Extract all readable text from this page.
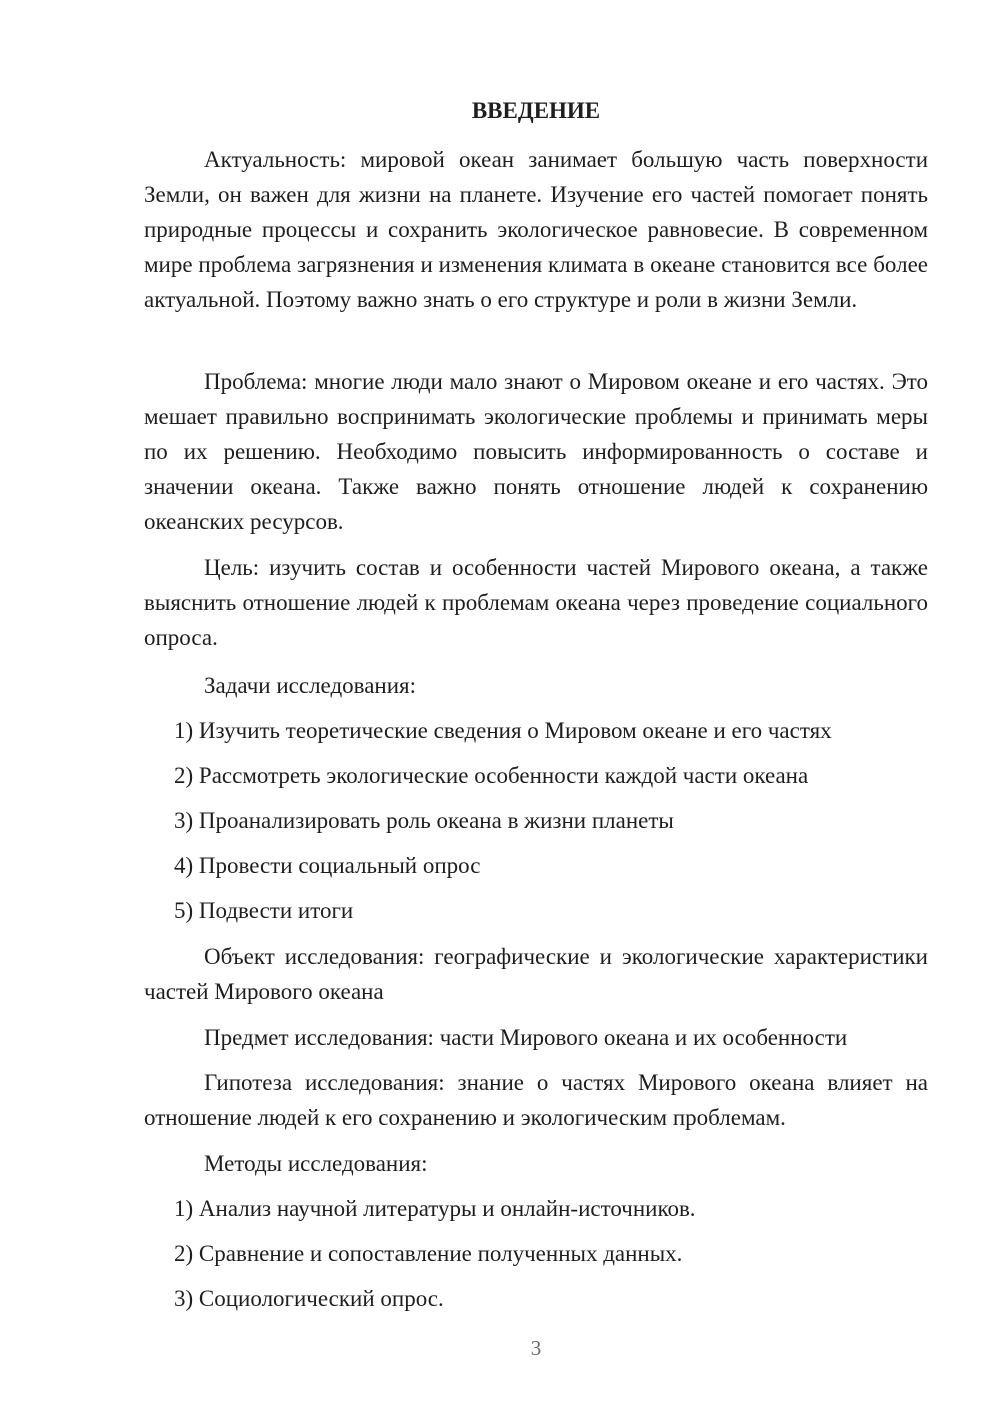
ВВЕДЕНИЕ
Актуальность: мировой океан занимает большую часть поверхности Земли, он важен для жизни на планете. Изучение его частей помогает понять природные процессы и сохранить экологическое равновесие. В современном мире проблема загрязнения и изменения климата в океане становится все более актуальной. Поэтому важно знать о его структуре и роли в жизни Земли.
Проблема: многие люди мало знают о Мировом океане и его частях. Это мешает правильно воспринимать экологические проблемы и принимать меры по их решению. Необходимо повысить информированность о составе и значении океана. Также важно понять отношение людей к сохранению океанских ресурсов.
Цель: изучить состав и особенности частей Мирового океана, а также выяснить отношение людей к проблемам океана через проведение социального опроса.
Задачи исследования:
1) Изучить теоретические сведения о Мировом океане и его частях
2) Рассмотреть экологические особенности каждой части океана
3) Проанализировать роль океана в жизни планеты
4) Провести социальный опрос
5) Подвести итоги
Объект исследования: географические и экологические характеристики частей Мирового океана
Предмет исследования: части Мирового океана и их особенности
Гипотеза исследования: знание о частях Мирового океана влияет на отношение людей к его сохранению и экологическим проблемам.
Методы исследования:
1) Анализ научной литературы и онлайн-источников.
2) Сравнение и сопоставление полученных данных.
3) Социологический опрос.
3
